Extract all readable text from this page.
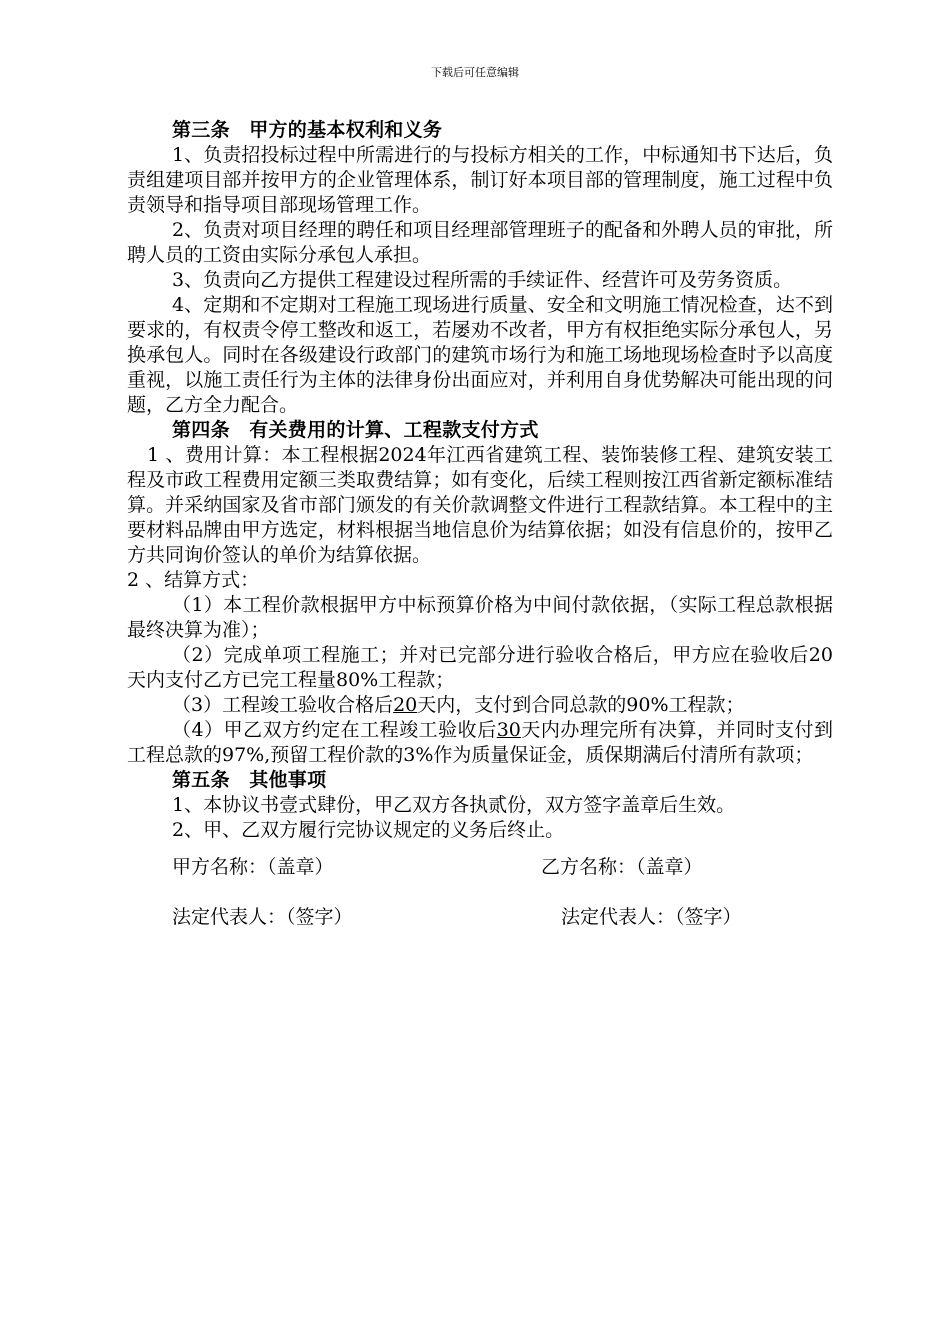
下载后可任意编辑

第三条　甲方的基本权利和义务

1、负责招投标过程中所需进行的与投标方相关的工作，中标通知书下达后，负责组建项目部并按甲方的企业管理体系，制订好本项目部的管理制度，施工过程中负责领导和指导项目部现场管理工作。

2、负责对项目经理的聘任和项目经理部管理班子的配备和外聘人员的审批，所聘人员的工资由实际分承包人承担。

3、负责向乙方提供工程建设过程所需的手续证件、经营许可及劳务资质。

4、定期和不定期对工程施工现场进行质量、安全和文明施工情况检查，达不到要求的，有权责令停工整改和返工，若屡劝不改者，甲方有权拒绝实际分承包人，另换承包人。同时在各级建设行政部门的建筑市场行为和施工场地现场检查时予以高度重视，以施工责任行为主体的法律身份出面应对，并利用自身优势解决可能出现的问题，乙方全力配合。

第四条　有关费用的计算、工程款支付方式

1 、费用计算：本工程根据2024年江西省建筑工程、装饰装修工程、建筑安装工程及市政工程费用定额三类取费结算；如有变化，后续工程则按江西省新定额标准结算。并采纳国家及省市部门颁发的有关价款调整文件进行工程款结算。本工程中的主要材料品牌由甲方选定，材料根据当地信息价为结算依据；如没有信息价的，按甲乙方共同询价签认的单价为结算依据。

2 、结算方式：

（1）本工程价款根据甲方中标预算价格为中间付款依据，（实际工程总款根据最终决算为准）；

（2）完成单项工程施工；并对已完部分进行验收合格后，甲方应在验收后20天内支付乙方已完工程量80%工程款；

（3）工程竣工验收合格后20天内，支付到合同总款的90%工程款；

（4）甲乙双方约定在工程竣工验收后30天内办理完所有决算，并同时支付到工程总款的97%,预留工程价款的3%作为质量保证金，质保期满后付清所有款项；

第五条　其他事项

1、本协议书壹式肆份，甲乙双方各执贰份，双方签字盖章后生效。

2、甲、乙双方履行完协议规定的义务后终止。

甲方名称：（盖章）	乙方名称：（盖章）
法定代表人：（签字）	法定代表人：（签字）
